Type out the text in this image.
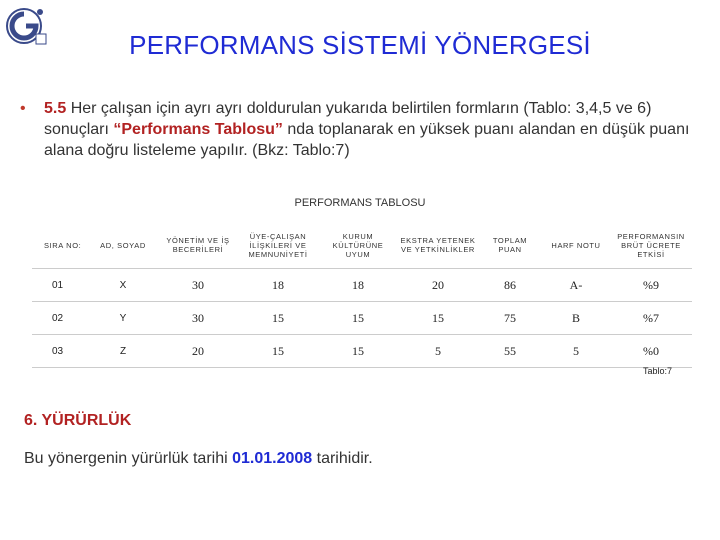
PERFORMANS SİSTEMİ YÖNERGESİ
• 5.5 Her çalışan için ayrı ayrı doldurulan yukarıda belirtilen formların (Tablo: 3,4,5 ve 6) sonuçları “Performans Tablosu” nda toplanarak en yüksek puanı alandan en düşük puanı alana doğru listeleme yapılır. (Bkz: Tablo:7)
PERFORMANS TABLOSU
SIRA NO:	AD, SOYAD	YÖNETİM VE İŞ BECERİLERİ	ÜYE-ÇALIŞAN İLİŞKİLERİ VE MEMNUNİYETİ	KURUM KÜLTÜRÜNE UYUM	EKSTRA YETENEK VE YETKİNLİKLER	TOPLAM PUAN	HARF NOTU	PERFORMANSIN BRÜT ÜCRETE ETKİSİ
01	X	30	18	18	20	86	A-	%9
02	Y	30	15	15	15	75	B	%7
03	Z	20	15	15	5	55	5	%0
Tablo:7
6. YÜRÜRLÜK
Bu yönergenin yürürlük tarihi 01.01.2008 tarihidir.
